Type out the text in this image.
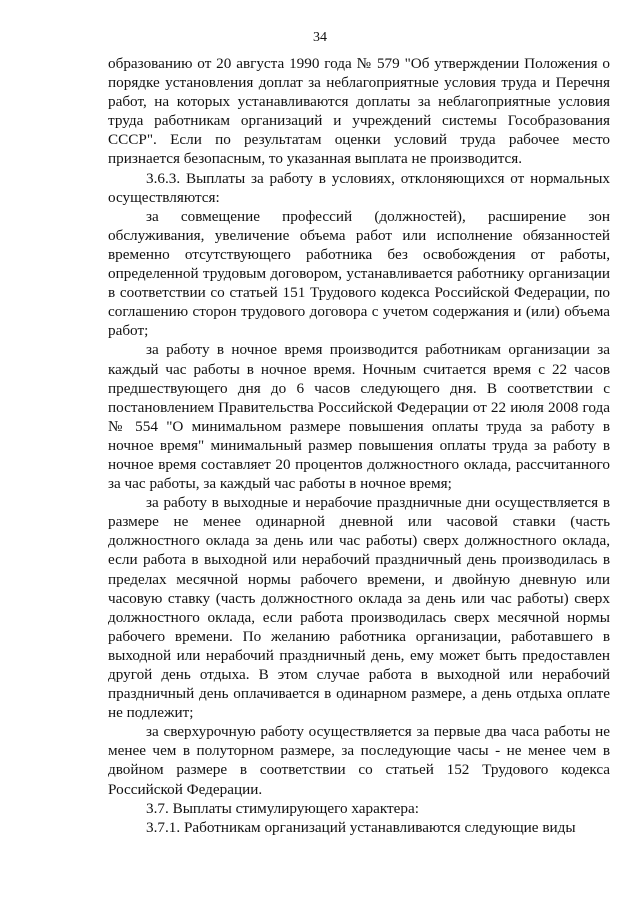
34

образованию от 20 августа 1990 года № 579 "Об утверждении Положения о порядке установления доплат за неблагоприятные условия труда и Перечня работ, на которых устанавливаются доплаты за неблагоприятные условия труда работникам организаций и учреждений системы Гособразования СССР". Если по результатам оценки условий труда рабочее место признается безопасным, то указанная выплата не производится.

3.6.3. Выплаты за работу в условиях, отклоняющихся от нормальных осуществляются:

за совмещение профессий (должностей), расширение зон обслуживания, увеличение объема работ или исполнение обязанностей временно отсутствующего работника без освобождения от работы, определенной трудовым договором, устанавливается работнику организации в соответствии со статьей 151 Трудового кодекса Российской Федерации, по соглашению сторон трудового договора с учетом содержания и (или) объема работ;

за работу в ночное время производится работникам организации за каждый час работы в ночное время. Ночным считается время с 22 часов предшествующего дня до 6 часов следующего дня. В соответствии с постановлением Правительства Российской Федерации от 22 июля 2008 года № 554 "О минимальном размере повышения оплаты труда за работу в ночное время" минимальный размер повышения оплаты труда за работу в ночное время составляет 20 процентов должностного оклада, рассчитанного за час работы, за каждый час работы в ночное время;

за работу в выходные и нерабочие праздничные дни осуществляется в размере не менее одинарной дневной или часовой ставки (часть должностного оклада за день или час работы) сверх должностного оклада, если работа в выходной или нерабочий праздничный день производилась в пределах месячной нормы рабочего времени, и двойную дневную или часовую ставку (часть должностного оклада за день или час работы) сверх должностного оклада, если работа производилась сверх месячной нормы рабочего времени. По желанию работника организации, работавшего в выходной или нерабочий праздничный день, ему может быть предоставлен другой день отдыха. В этом случае работа в выходной или нерабочий праздничный день оплачивается в одинарном размере, а день отдыха оплате не подлежит;

за сверхурочную работу осуществляется за первые два часа работы не менее чем в полуторном размере, за последующие часы - не менее чем в двойном размере в соответствии со статьей 152 Трудового кодекса Российской Федерации.

3.7. Выплаты стимулирующего характера:

3.7.1. Работникам организаций устанавливаются следующие виды
